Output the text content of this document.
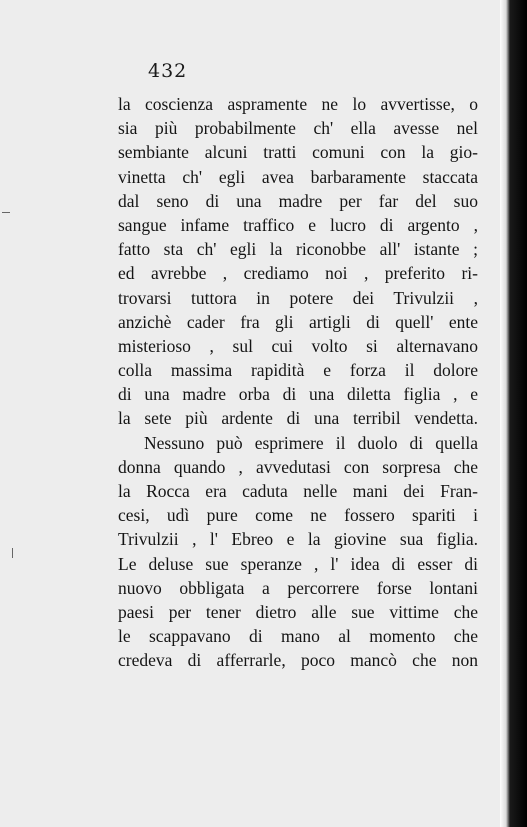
432
la coscienza aspramente ne lo avvertisse, o
sia più probabilmente ch' ella avesse nel
sembiante alcuni tratti comuni con la gio-
vinetta ch' egli avea barbaramente staccata
dal seno di una madre per far del suo
sangue infame traffico e lucro di argento ,
fatto sta ch' egli la riconobbe all' istante ;
ed avrebbe , crediamo noi , preferito ri-
trovarsi tuttora in potere dei Trivulzii ,
anzichè cader fra gli artigli di quell' ente
misterioso , sul cui volto si alternavano
colla massima rapidità e forza il dolore
di una madre orba di una diletta figlia , e
la sete più ardente di una terribil vendetta.
Nessuno può esprimere il duolo di quella
donna quando , avvedutasi con sorpresa che
la Rocca era caduta nelle mani dei Fran-
cesi, udì pure come ne fossero spariti i
Trivulzii , l' Ebreo e la giovine sua figlia.
Le deluse sue speranze , l' idea di esser di
nuovo obbligata a percorrere forse lontani
paesi per tener dietro alle sue vittime che
le scappavano di mano al momento che
credeva di afferrarle, poco mancò che non
